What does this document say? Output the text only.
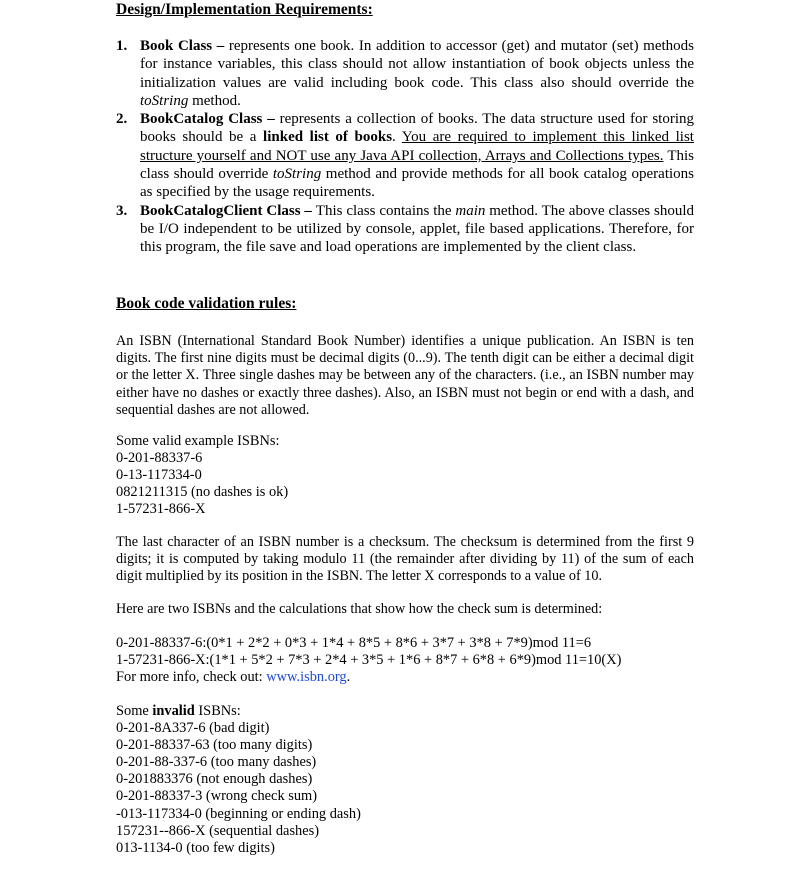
Design/Implementation Requirements:
1. Book Class – represents one book. In addition to accessor (get) and mutator (set) methods for instance variables, this class should not allow instantiation of book objects unless the initialization values are valid including book code. This class also should override the toString method.
2. BookCatalog Class – represents a collection of books. The data structure used for storing books should be a linked list of books. You are required to implement this linked list structure yourself and NOT use any Java API collection, Arrays and Collections types. This class should override toString method and provide methods for all book catalog operations as specified by the usage requirements.
3. BookCatalogClient Class – This class contains the main method. The above classes should be I/O independent to be utilized by console, applet, file based applications. Therefore, for this program, the file save and load operations are implemented by the client class.
Book code validation rules:

An ISBN (International Standard Book Number) identifies a unique publication. An ISBN is ten digits. The first nine digits must be decimal digits (0...9). The tenth digit can be either a decimal digit or the letter X. Three single dashes may be between any of the characters. (i.e., an ISBN number may either have no dashes or exactly three dashes). Also, an ISBN must not begin or end with a dash, and sequential dashes are not allowed.

Some valid example ISBNs:
0-201-88337-6
0-13-117334-0
0821211315 (no dashes is ok)
1-57231-866-X

The last character of an ISBN number is a checksum. The checksum is determined from the first 9 digits; it is computed by taking modulo 11 (the remainder after dividing by 11) of the sum of each digit multiplied by its position in the ISBN. The letter X corresponds to a value of 10.

Here are two ISBNs and the calculations that show how the check sum is determined:

0-201-88337-6:(0*1 + 2*2 + 0*3 + 1*4 + 8*5 + 8*6 + 3*7 + 3*8 + 7*9)mod 11=6
1-57231-866-X:(1*1 + 5*2 + 7*3 + 2*4 + 3*5 + 1*6 + 8*7 + 6*8 + 6*9)mod 11=10(X)
For more info, check out: www.isbn.org.
Some invalid ISBNs:
0-201-8A337-6 (bad digit)
0-201-88337-63 (too many digits)
0-201-88-337-6 (too many dashes)
0-201883376 (not enough dashes)
0-201-88337-3 (wrong check sum)
-013-117334-0 (beginning or ending dash)
157231--866-X (sequential dashes)
013-1134-0 (too few digits)
